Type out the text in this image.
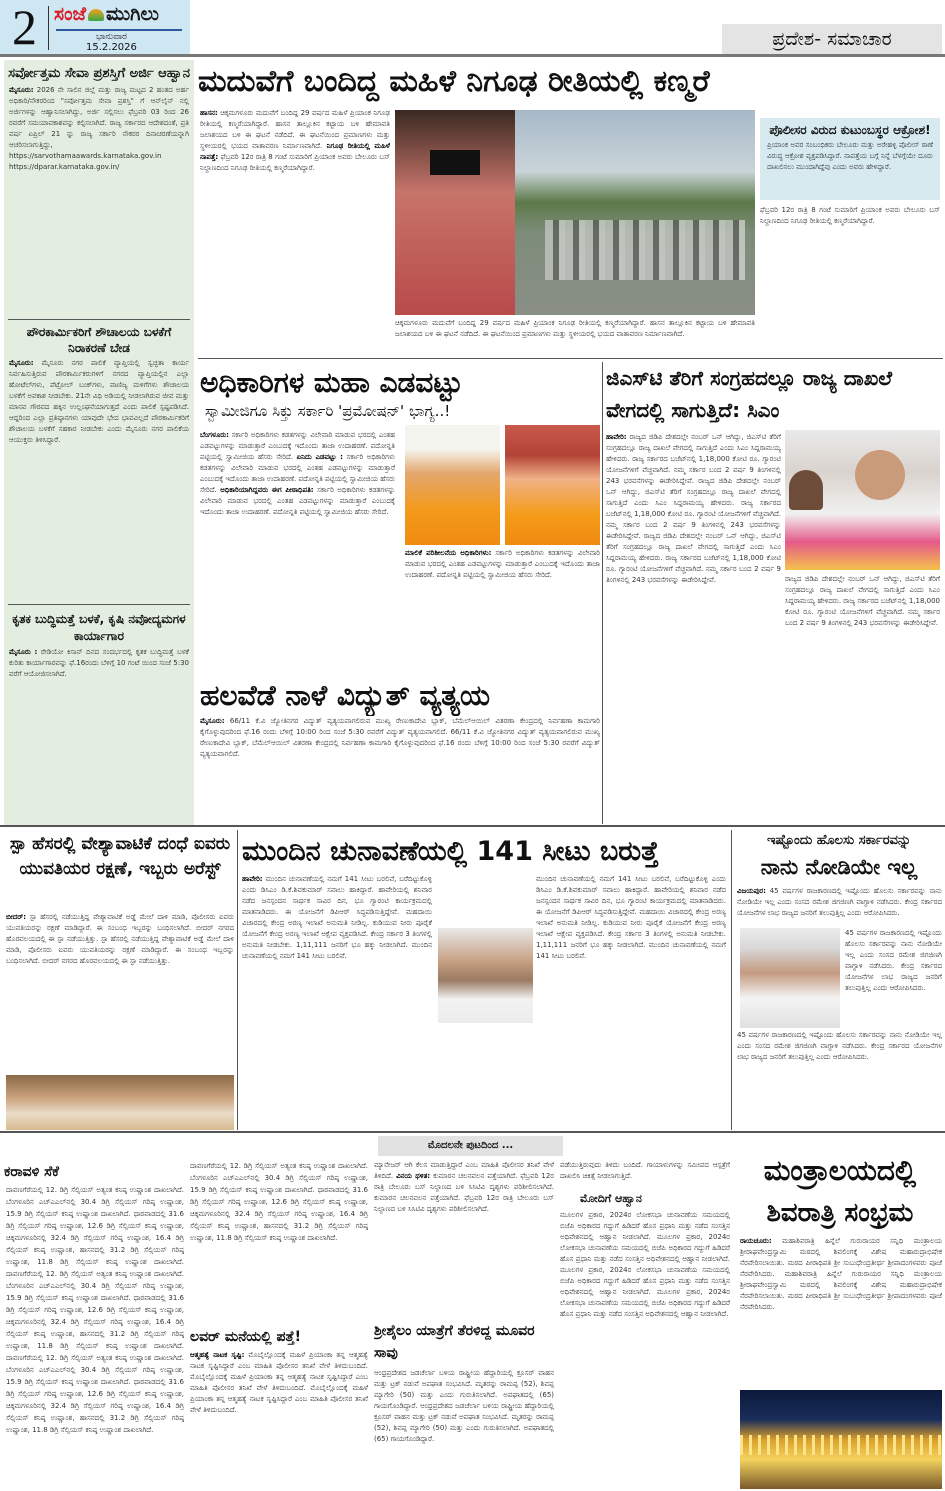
2 ಸಂಜೆ ಮುಗಿಲು
ಭಾನುವಾರ
15.2.2026	ಪ್ರದೇಶ- ಸಮಾಚಾರ
ಸರ್ವೋತ್ತಮ ಸೇವಾ ಪ್ರಶಸ್ತಿಗೆ ಅರ್ಜಿ ಆಹ್ವಾನ
ಮೈಸೂರು: 2026 ನೇ ಸಾಲಿನ ಜಿಲ್ಲೆ ಮತ್ತು ರಾಜ್ಯ ಮಟ್ಟದ 2 ಹಂತದ ಅರ್ಹ ಅಧಿಕಾರಿ/ನೌಕರರಿಂದ "ಸರ್ವೋತ್ತಮ ಸೇವಾ ಪ್ರಶಸ್ತಿ" ಗೆ ಆನ್‌ಲೈನ್ ನಲ್ಲಿ ಅರ್ಜಿಗಳನ್ನು ಆಹ್ವಾನಿಸಲಾಗಿದ್ದು, ಅರ್ಜಿ ಸಲ್ಲಿಸಲು ಫೆಬ್ರವರಿ 03 ರಿಂದ 26 ರವರೆಗೆ ಸಮಯಾವಕಾಶವನ್ನು ಕಲ್ಪಿಸಲಾಗಿದೆ. ರಾಜ್ಯ ಸರ್ಕಾರದ ಆದೇಶದಂತೆ, ಪ್ರತಿ ವರ್ಷ ಏಪ್ರಿಲ್ 21 ನ್ನು ರಾಜ್ಯ ಸರ್ಕಾರಿ ನೌಕರರ ದಿನಾಚರಣೆಯನ್ನಾಗಿ ಆಚರಿಸಲಾಗುತ್ತಿದ್ದು, https://sarvothamaawards.karnataka.gov.in https://dparar.karnataka.gov.in/
ಪೌರಕಾರ್ಮಿಕರಿಗೆ ಶೌಚಾಲಯ ಬಳಕೆಗೆ ನಿರಾಕರಣೆ ಬೇಡ
ಮೈಸೂರು: ಮೈಸೂರು ನಗರ ಪಾಲಿಕೆ ವ್ಯಾಪ್ತಿಯಲ್ಲಿ ಸ್ವಚ್ಛತಾ ಕಾರ್ಯ ನಿರ್ವಹಿಸುತ್ತಿರುವ ಪೌರಕಾರ್ಮಿಕರುಗಳಿಗೆ ನಗರದ ವ್ಯಾಪ್ತಿಯಲ್ಲಿನ ಎಲ್ಲಾ ಹೋಟೆಲ್‌ಗಳು, ಪೆಟ್ರೋಲ್ ಬಂಕ್‌ಗಳು, ವಾಣಿಜ್ಯ ಮಳಿಗೆಗಳು ಶೌಚಾಲಯ ಬಳಕೆಗೆ ಅವಕಾಶ ನೀಡಬೇಕು. 21ನೇ ವಿಧಿ ಅಡಿಯಲ್ಲಿ ನೀಡಲಾಗಿರುವ ಜೀವ ಮತ್ತು ಮಾನವ ಗೌರವದ ಹಕ್ಕಿನ ಉಲ್ಲಂಘನೆಯಾಗುತ್ತದೆ ಎಂದು ಪಾಲಿಕೆ ಸ್ಪಷ್ಟಪಡಿಸಿದೆ. ಆದ್ದರಿಂದ ಎಲ್ಲಾ ಪ್ರತಿಷ್ಠಾನಗಳು ಯಾವುದೇ ಭೇದ ಭಾವವಿಲ್ಲದೆ ಪೌರಕಾರ್ಮಿಕರಿಗೆ ಶೌಚಾಲಯ ಬಳಕೆಗೆ ಸಹಕಾರ ನೀಡಬೇಕು ಎಂದು ಮೈಸೂರು ನಗರ ಪಾಲಿಕೆಯ ಆಯುಕ್ತರು ತಿಳಿಸಿದ್ದಾರೆ.
ಕೃತಕ ಬುದ್ಧಿಮತ್ತೆ ಬಳಕೆ, ಕೃಷಿ ನವೋದ್ಯಮಗಳ ಕಾರ್ಯಾಗಾರ
ಮೈಸೂರು : ರೇಡಿಯೋ ಕಿಸಾನ್ ದಿನದ ಸಂದರ್ಭದಲ್ಲಿ ಕೃತಕ ಬುದ್ಧಿಮತ್ತೆ ಬಳಕೆ ಕುರಿತು ಕಾರ್ಯಾಗಾರವನ್ನು ಫೆ.16ರಂದು ಬೆಳಿಗ್ಗೆ 10 ಗಂಟೆ ಯಿಂದ ಸಂಜೆ 5:30 ವರೆಗೆ ಆಯೋಜಿಸಲಾಗಿದೆ.
ಮದುವೆಗೆ ಬಂದಿದ್ದ ಮಹಿಳೆ ನಿಗೂಢ ರೀತಿಯಲ್ಲಿ ಕಣ್ಮರೆ
ಹಾಸನ: ಚಿಕ್ಕಮಗಳೂರು ಮದುವೆಗೆ ಬಂದಿದ್ದ 29 ವರ್ಷದ ಮಹಿಳೆ ಪ್ರಿಯಾಂಕ ನಿಗೂಢ ರೀತಿಯಲ್ಲಿ ಕಣ್ಮರೆಯಾಗಿದ್ದಾರೆ. ಹಾಸನ ತಾಲ್ಲೂಕಿನ ಕಟ್ಟಾಯ ಬಳಿ ಹೇಮಾವತಿ ಜಲಾಶಯದ ಬಳಿ ಈ ಘಟನೆ ನಡೆದಿದೆ. ಈ ಘಟನೆಯಿಂದ ಪ್ರಮಾಣಗಳು ಮತ್ತು ಸ್ಥಳೀಯರಲ್ಲಿ ಭಯದ ವಾತಾವರಣ ನಿರ್ಮಾಣವಾಗಿದೆ. ನಿಗೂಢ ರೀತಿಯಲ್ಲಿ ಮಹಿಳೆ ನಾಪತ್ತೆ: ಫೆಬ್ರವರಿ 12ರ ರಾತ್ರಿ 8 ಗಂಟೆ ಸುಮಾರಿಗೆ ಪ್ರಿಯಾಂಕ ಅವರು ಬೇಲೂರು ಬಸ್ ನಿಲ್ದಾಣದಿಂದ ನಿಗೂಢ ರೀತಿಯಲ್ಲಿ ಕಣ್ಮರೆಯಾಗಿದ್ದಾರೆ.
ಚಿಕ್ಕಮಗಳೂರು ಮದುವೆಗೆ ಬಂದಿದ್ದ 29 ವರ್ಷದ ಮಹಿಳೆ ಪ್ರಿಯಾಂಕ ನಿಗೂಢ ರೀತಿಯಲ್ಲಿ ಕಣ್ಮರೆಯಾಗಿದ್ದಾರೆ. ಹಾಸನ ತಾಲ್ಲೂಕಿನ ಕಟ್ಟಾಯ ಬಳಿ ಹೇಮಾವತಿ ಜಲಾಶಯದ ಬಳಿ ಈ ಘಟನೆ ನಡೆದಿದೆ. ಈ ಘಟನೆಯಿಂದ ಪ್ರಮಾಣಗಳು ಮತ್ತು ಸ್ಥಳೀಯರಲ್ಲಿ ಭಯದ ವಾತಾವರಣ ನಿರ್ಮಾಣವಾಗಿದೆ.
ಪೊಲೀಸರ ವಿರುದ ಕುಟುಂಬಸ್ಥರ ಆಕ್ರೋಶ!
ಪ್ರಿಯಾಂಕ ಅವರ ಸಂಬಂಧಿಕರು ಬೇಲೂರು ಮತ್ತು ಅರೇಹಳ್ಳಿ ಪೊಲೀಸ್ ಠಾಣೆ ವಿರುದ್ಧ ಆಕ್ರೋಶ ವ್ಯಕ್ತಪಡಿಸಿದ್ದಾರೆ. ನಾಪತ್ತೆಯ ಬಗ್ಗೆ ನಿನ್ನೆ ಬೆಳಗ್ಗೆಯೇ ದೂರು ದಾಖಲಿಸಲು ಮುಂದಾಗಿದ್ದೆವು ಎಂದು ಅವರು ಹೇಳಿದ್ದಾರೆ.
ಫೆಬ್ರವರಿ 12ರ ರಾತ್ರಿ 8 ಗಂಟೆ ಸುಮಾರಿಗೆ ಪ್ರಿಯಾಂಕ ಅವರು ಬೇಲೂರು ಬಸ್ ನಿಲ್ದಾಣದಿಂದ ನಿಗೂಢ ರೀತಿಯಲ್ಲಿ ಕಣ್ಮರೆಯಾಗಿದ್ದಾರೆ.
ಅಧಿಕಾರಿಗಳ ಮಹಾ ಎಡವಟ್ಟು
ಸ್ವಾಮೀಜಿಗೂ ಸಿಕ್ತು ಸರ್ಕಾರಿ 'ಪ್ರಮೋಷನ್' ಭಾಗ್ಯ..!
ಬೆಂಗಳೂರು: ಸರ್ಕಾರಿ ಅಧಿಕಾರಿಗಳು ಕಡತಗಳನ್ನು ವಿಲೇವಾರಿ ಮಾಡುವ ಭರದಲ್ಲಿ ಎಂತಹ ಎಡವಟ್ಟುಗಳನ್ನು ಮಾಡುತ್ತಾರೆ ಎಂಬುದಕ್ಕೆ ಇದೊಂದು ತಾಜಾ ಉದಾಹರಣೆ. ಪದೋನ್ನತಿ ಪಟ್ಟಿಯಲ್ಲಿ ಸ್ವಾಮೀಜಿಯ ಹೆಸರು ಸೇರಿದೆ. ಏನಿದು ಎಡವಟ್ಟು : ಸರ್ಕಾರಿ ಅಧಿಕಾರಿಗಳು ಕಡತಗಳನ್ನು ವಿಲೇವಾರಿ ಮಾಡುವ ಭರದಲ್ಲಿ ಎಂತಹ ಎಡವಟ್ಟುಗಳನ್ನು ಮಾಡುತ್ತಾರೆ ಎಂಬುದಕ್ಕೆ ಇದೊಂದು ತಾಜಾ ಉದಾಹರಣೆ. ಪದೋನ್ನತಿ ಪಟ್ಟಿಯಲ್ಲಿ ಸ್ವಾಮೀಜಿಯ ಹೆಸರು ಸೇರಿದೆ. ಅಧಿಕಾರಿಯಾಗಿದ್ದವರು ಈಗ ಪೀಠಾಧಿಪತಿ: ಸರ್ಕಾರಿ ಅಧಿಕಾರಿಗಳು ಕಡತಗಳನ್ನು ವಿಲೇವಾರಿ ಮಾಡುವ ಭರದಲ್ಲಿ ಎಂತಹ ಎಡವಟ್ಟುಗಳನ್ನು ಮಾಡುತ್ತಾರೆ ಎಂಬುದಕ್ಕೆ ಇದೊಂದು ತಾಜಾ ಉದಾಹರಣೆ. ಪದೋನ್ನತಿ ಪಟ್ಟಿಯಲ್ಲಿ ಸ್ವಾಮೀಜಿಯ ಹೆಸರು ಸೇರಿದೆ.
ಮಾಲಿಕೆ ಪರಿಶೀಲನೆಯ ಅಧಿಕಾರಿಗಳು: ಸರ್ಕಾರಿ ಅಧಿಕಾರಿಗಳು ಕಡತಗಳನ್ನು ವಿಲೇವಾರಿ ಮಾಡುವ ಭರದಲ್ಲಿ ಎಂತಹ ಎಡವಟ್ಟುಗಳನ್ನು ಮಾಡುತ್ತಾರೆ ಎಂಬುದಕ್ಕೆ ಇದೊಂದು ತಾಜಾ ಉದಾಹರಣೆ. ಪದೋನ್ನತಿ ಪಟ್ಟಿಯಲ್ಲಿ ಸ್ವಾಮೀಜಿಯ ಹೆಸರು ಸೇರಿದೆ.
ಹಲವೆಡೆ ನಾಳೆ ವಿದ್ಯುತ್ ವ್ಯತ್ಯಯ
ಮೈಸೂರು: 66/11 ಕೆ.ವಿ ಜ್ಯೋತಿನಗರ ವಿದ್ಯುತ್ ವ್ಯತ್ಯಯವಾಗಲಿರುವ ಮುಖ್ಯ ರೇಣುಕಾದೇವಿ ಬ್ಲಾಕ್, ಬೆಮೆಲ್‌ಆಯಿಲ್ ವಿತರಣಾ ಕೇಂದ್ರದಲ್ಲಿ ನಿರ್ವಹಣಾ ಕಾಮಗಾರಿ ಕೈಗೊಳ್ಳುವುದರಿಂದ ಫೆ.16 ರಂದು ಬೆಳಿಗ್ಗೆ 10:00 ರಿಂದ ಸಂಜೆ 5:30 ರವರೆಗೆ ವಿದ್ಯುತ್ ವ್ಯತ್ಯಯವಾಗಲಿದೆ. 66/11 ಕೆ.ವಿ ಜ್ಯೋತಿನಗರ ವಿದ್ಯುತ್ ವ್ಯತ್ಯಯವಾಗಲಿರುವ ಮುಖ್ಯ ರೇಣುಕಾದೇವಿ ಬ್ಲಾಕ್, ಬೆಮೆಲ್‌ಆಯಿಲ್ ವಿತರಣಾ ಕೇಂದ್ರದಲ್ಲಿ ನಿರ್ವಹಣಾ ಕಾಮಗಾರಿ ಕೈಗೊಳ್ಳುವುದರಿಂದ ಫೆ.16 ರಂದು ಬೆಳಿಗ್ಗೆ 10:00 ರಿಂದ ಸಂಜೆ 5:30 ರವರೆಗೆ ವಿದ್ಯುತ್ ವ್ಯತ್ಯಯವಾಗಲಿದೆ.
ಜಿಎಸ್‌ಟಿ ತೆರಿಗೆ ಸಂಗ್ರಹದಲ್ಲೂ ರಾಜ್ಯ ದಾಖಲೆ ವೇಗದಲ್ಲಿ ಸಾಗುತ್ತಿದೆ: ಸಿಎಂ
ಹಾವೇರಿ: ರಾಜ್ಯದ ಜಿಡಿಪಿ ದೇಶದಲ್ಲೇ ನಂಬರ್ ಒನ್ ಆಗಿದ್ದು, ಜಿಎಸ್‌ಟಿ ತೆರಿಗೆ ಸಂಗ್ರಹದಲ್ಲೂ ರಾಜ್ಯ ದಾಖಲೆ ವೇಗದಲ್ಲಿ ಸಾಗುತ್ತಿದೆ ಎಂದು ಸಿಎಂ ಸಿದ್ದರಾಮಯ್ಯ ಹೇಳಿದರು. ರಾಜ್ಯ ಸರ್ಕಾರದ ಬಜೆಟ್‌ನಲ್ಲಿ 1,18,000 ಕೋಟಿ ರೂ. ಗ್ಯಾರಂಟಿ ಯೋಜನೆಗಳಿಗೆ ವೆಚ್ಚವಾಗಿದೆ. ನಮ್ಮ ಸರ್ಕಾರ ಬಂದ 2 ವರ್ಷ 9 ತಿಂಗಳಿನಲ್ಲಿ 243 ಭರವಸೆಗಳನ್ನು ಈಡೇರಿಸಿದ್ದೇವೆ. ರಾಜ್ಯದ ಜಿಡಿಪಿ ದೇಶದಲ್ಲೇ ನಂಬರ್ ಒನ್ ಆಗಿದ್ದು, ಜಿಎಸ್‌ಟಿ ತೆರಿಗೆ ಸಂಗ್ರಹದಲ್ಲೂ ರಾಜ್ಯ ದಾಖಲೆ ವೇಗದಲ್ಲಿ ಸಾಗುತ್ತಿದೆ ಎಂದು ಸಿಎಂ ಸಿದ್ದರಾಮಯ್ಯ ಹೇಳಿದರು. ರಾಜ್ಯ ಸರ್ಕಾರದ ಬಜೆಟ್‌ನಲ್ಲಿ 1,18,000 ಕೋಟಿ ರೂ. ಗ್ಯಾರಂಟಿ ಯೋಜನೆಗಳಿಗೆ ವೆಚ್ಚವಾಗಿದೆ. ನಮ್ಮ ಸರ್ಕಾರ ಬಂದ 2 ವರ್ಷ 9 ತಿಂಗಳಿನಲ್ಲಿ 243 ಭರವಸೆಗಳನ್ನು ಈಡೇರಿಸಿದ್ದೇವೆ. ರಾಜ್ಯದ ಜಿಡಿಪಿ ದೇಶದಲ್ಲೇ ನಂಬರ್ ಒನ್ ಆಗಿದ್ದು, ಜಿಎಸ್‌ಟಿ ತೆರಿಗೆ ಸಂಗ್ರಹದಲ್ಲೂ ರಾಜ್ಯ ದಾಖಲೆ ವೇಗದಲ್ಲಿ ಸಾಗುತ್ತಿದೆ ಎಂದು ಸಿಎಂ ಸಿದ್ದರಾಮಯ್ಯ ಹೇಳಿದರು. ರಾಜ್ಯ ಸರ್ಕಾರದ ಬಜೆಟ್‌ನಲ್ಲಿ 1,18,000 ಕೋಟಿ ರೂ. ಗ್ಯಾರಂಟಿ ಯೋಜನೆಗಳಿಗೆ ವೆಚ್ಚವಾಗಿದೆ. ನಮ್ಮ ಸರ್ಕಾರ ಬಂದ 2 ವರ್ಷ 9 ತಿಂಗಳಿನಲ್ಲಿ 243 ಭರವಸೆಗಳನ್ನು ಈಡೇರಿಸಿದ್ದೇವೆ.	ರಾಜ್ಯದ ಜಿಡಿಪಿ ದೇಶದಲ್ಲೇ ನಂಬರ್ ಒನ್ ಆಗಿದ್ದು, ಜಿಎಸ್‌ಟಿ ತೆರಿಗೆ ಸಂಗ್ರಹದಲ್ಲೂ ರಾಜ್ಯ ದಾಖಲೆ ವೇಗದಲ್ಲಿ ಸಾಗುತ್ತಿದೆ ಎಂದು ಸಿಎಂ ಸಿದ್ದರಾಮಯ್ಯ ಹೇಳಿದರು. ರಾಜ್ಯ ಸರ್ಕಾರದ ಬಜೆಟ್‌ನಲ್ಲಿ 1,18,000 ಕೋಟಿ ರೂ. ಗ್ಯಾರಂಟಿ ಯೋಜನೆಗಳಿಗೆ ವೆಚ್ಚವಾಗಿದೆ. ನಮ್ಮ ಸರ್ಕಾರ ಬಂದ 2 ವರ್ಷ 9 ತಿಂಗಳಿನಲ್ಲಿ 243 ಭರವಸೆಗಳನ್ನು ಈಡೇರಿಸಿದ್ದೇವೆ.
ಸ್ಪಾ ಹೆಸರಲ್ಲಿ ವೇಶ್ಯಾವಾಟಿಕೆ ದಂಧೆ ಐವರು ಯುವತಿಯರ ರಕ್ಷಣೆ, ಇಬ್ಬರು ಅರೆಸ್ಟ್
ಬೀದರ್: ಸ್ಪಾ ಹೆಸರಲ್ಲಿ ನಡೆಯುತ್ತಿದ್ದ ವೇಶ್ಯಾವಾಟಿಕೆ ಅಡ್ಡೆ ಮೇಲೆ ದಾಳಿ ಮಾಡಿ, ಪೊಲೀಸರು ಐವರು ಯುವತಿಯರನ್ನು ರಕ್ಷಣೆ ಮಾಡಿದ್ದಾರೆ. ಈ ಸಂಬಂಧ ಇಬ್ಬರನ್ನು ಬಂಧಿಸಲಾಗಿದೆ. ಬೀದರ್ ನಗರದ ಹೊರವಲಯದಲ್ಲಿ ಈ ಸ್ಪಾ ನಡೆಯುತ್ತಿತ್ತು. ಸ್ಪಾ ಹೆಸರಲ್ಲಿ ನಡೆಯುತ್ತಿದ್ದ ವೇಶ್ಯಾವಾಟಿಕೆ ಅಡ್ಡೆ ಮೇಲೆ ದಾಳಿ ಮಾಡಿ, ಪೊಲೀಸರು ಐವರು ಯುವತಿಯರನ್ನು ರಕ್ಷಣೆ ಮಾಡಿದ್ದಾರೆ. ಈ ಸಂಬಂಧ ಇಬ್ಬರನ್ನು ಬಂಧಿಸಲಾಗಿದೆ. ಬೀದರ್ ನಗರದ ಹೊರವಲಯದಲ್ಲಿ ಈ ಸ್ಪಾ ನಡೆಯುತ್ತಿತ್ತು.
ಮುಂದಿನ ಚುನಾವಣೆಯಲ್ಲಿ 141 ಸೀಟು ಬರುತ್ತೆ
ಹಾವೇರಿ: ಮುಂದಿನ ಚುನಾವಣೆಯಲ್ಲಿ ನಮಗೆ 141 ಸೀಟು ಬರಲಿವೆ, ಬರೆದಿಟ್ಟುಕೊಳ್ಳಿ ಎಂದು ಡಿಸಿಎಂ ಡಿ.ಕೆ.ಶಿವಕುಮಾರ್ ಸವಾಲು ಹಾಕಿದ್ದಾರೆ. ಹಾವೇರಿಯಲ್ಲಿ ಶನಿವಾರ ನಡೆದ ಜನಸ್ಪಂದನ ಸಾರ್ಥಕ ಸಾವಿರ ದಿನ, ಭೂ ಗ್ಯಾರಂಟಿ ಕಾರ್ಯಕ್ರಮದಲ್ಲಿ ಮಾತನಾಡಿದರು. ಈ ಯೋಜನೆಗೆ ಡಿಪಿಆರ್ ಸಿದ್ಧಪಡಿಸುತ್ತಿದ್ದೇವೆ. ಮಹದಾಯಿ ವಿಚಾರದಲ್ಲಿ ಕೇಂದ್ರ ಅರಣ್ಯ ಇಲಾಖೆ ಅನುಮತಿ ನೀಡಿಲ್ಲ. ಕುಡಿಯುವ ನೀರು ಪೂರೈಕೆ ಯೋಜನೆಗೆ ಕೇಂದ್ರ ಅರಣ್ಯ ಇಲಾಖೆ ಆಕ್ಷೇಪ ವ್ಯಕ್ತಪಡಿಸಿದೆ. ಕೇಂದ್ರ ಸರ್ಕಾರ 3 ತಿಂಗಳಲ್ಲಿ ಅನುಮತಿ ನೀಡಬೇಕು. 1,11,111 ಜನರಿಗೆ ಭೂ ಹಕ್ಕು ನೀಡಲಾಗಿದೆ. ಮುಂದಿನ ಚುನಾವಣೆಯಲ್ಲಿ ನಮಗೆ 141 ಸೀಟು ಬರಲಿವೆ.
ಮುಂದಿನ ಚುನಾವಣೆಯಲ್ಲಿ ನಮಗೆ 141 ಸೀಟು ಬರಲಿವೆ, ಬರೆದಿಟ್ಟುಕೊಳ್ಳಿ ಎಂದು ಡಿಸಿಎಂ ಡಿ.ಕೆ.ಶಿವಕುಮಾರ್ ಸವಾಲು ಹಾಕಿದ್ದಾರೆ. ಹಾವೇರಿಯಲ್ಲಿ ಶನಿವಾರ ನಡೆದ ಜನಸ್ಪಂದನ ಸಾರ್ಥಕ ಸಾವಿರ ದಿನ, ಭೂ ಗ್ಯಾರಂಟಿ ಕಾರ್ಯಕ್ರಮದಲ್ಲಿ ಮಾತನಾಡಿದರು. ಈ ಯೋಜನೆಗೆ ಡಿಪಿಆರ್ ಸಿದ್ಧಪಡಿಸುತ್ತಿದ್ದೇವೆ. ಮಹದಾಯಿ ವಿಚಾರದಲ್ಲಿ ಕೇಂದ್ರ ಅರಣ್ಯ ಇಲಾಖೆ ಅನುಮತಿ ನೀಡಿಲ್ಲ. ಕುಡಿಯುವ ನೀರು ಪೂರೈಕೆ ಯೋಜನೆಗೆ ಕೇಂದ್ರ ಅರಣ್ಯ ಇಲಾಖೆ ಆಕ್ಷೇಪ ವ್ಯಕ್ತಪಡಿಸಿದೆ. ಕೇಂದ್ರ ಸರ್ಕಾರ 3 ತಿಂಗಳಲ್ಲಿ ಅನುಮತಿ ನೀಡಬೇಕು. 1,11,111 ಜನರಿಗೆ ಭೂ ಹಕ್ಕು ನೀಡಲಾಗಿದೆ. ಮುಂದಿನ ಚುನಾವಣೆಯಲ್ಲಿ ನಮಗೆ 141 ಸೀಟು ಬರಲಿವೆ.
ಇಷ್ಟೊಂದು ಹೊಲಸು ಸರ್ಕಾರವನ್ನು
ನಾನು ನೋಡಿಯೇ ಇಲ್ಲ
ವಿಜಯಪುರ: 45 ವರ್ಷಗಳ ರಾಜಕಾರಣದಲ್ಲಿ ಇಷ್ಟೊಂದು ಹೊಲಸು ಸರ್ಕಾರವನ್ನು ನಾನು ನೋಡಿಯೇ ಇಲ್ಲ ಎಂದು ಸಂಸದ ರಮೇಶ ಜಿಗಜಿಣಗಿ ವಾಗ್ದಾಳಿ ನಡೆಸಿದರು. ಕೇಂದ್ರ ಸರ್ಕಾರದ ಯೋಜನೆಗಳ ಲಾಭ ರಾಜ್ಯದ ಜನರಿಗೆ ತಲುಪುತ್ತಿಲ್ಲ ಎಂದು ಆರೋಪಿಸಿದರು.
45 ವರ್ಷಗಳ ರಾಜಕಾರಣದಲ್ಲಿ ಇಷ್ಟೊಂದು ಹೊಲಸು ಸರ್ಕಾರವನ್ನು ನಾನು ನೋಡಿಯೇ ಇಲ್ಲ ಎಂದು ಸಂಸದ ರಮೇಶ ಜಿಗಜಿಣಗಿ ವಾಗ್ದಾಳಿ ನಡೆಸಿದರು. ಕೇಂದ್ರ ಸರ್ಕಾರದ ಯೋಜನೆಗಳ ಲಾಭ ರಾಜ್ಯದ ಜನರಿಗೆ ತಲುಪುತ್ತಿಲ್ಲ ಎಂದು ಆರೋಪಿಸಿದರು.
45 ವರ್ಷಗಳ ರಾಜಕಾರಣದಲ್ಲಿ ಇಷ್ಟೊಂದು ಹೊಲಸು ಸರ್ಕಾರವನ್ನು ನಾನು ನೋಡಿಯೇ ಇಲ್ಲ ಎಂದು ಸಂಸದ ರಮೇಶ ಜಿಗಜಿಣಗಿ ವಾಗ್ದಾಳಿ ನಡೆಸಿದರು. ಕೇಂದ್ರ ಸರ್ಕಾರದ ಯೋಜನೆಗಳ ಲಾಭ ರಾಜ್ಯದ ಜನರಿಗೆ ತಲುಪುತ್ತಿಲ್ಲ ಎಂದು ಆರೋಪಿಸಿದರು.
ಮೊದಲನೇ ಪುಟದಿಂದ ...
ಕರಾವಳಿ ಸೆಕೆ
ದಾವಣಗೆರೆಯಲ್ಲಿ 12. ಡಿಗ್ರಿ ಸೆಲ್ಸಿಯಸ್ ಅತ್ಯಂತ ಕನಿಷ್ಠ ಉಷ್ಣಾಂಶ ದಾಖಲಾಗಿದೆ. ಬೆಂಗಳೂರಿನ ಎಚ್‌ಎಎಲ್‌ನಲ್ಲಿ 30.4 ಡಿಗ್ರಿ ಸೆಲ್ಸಿಯಸ್ ಗರಿಷ್ಠ ಉಷ್ಣಾಂಶ, 15.9 ಡಿಗ್ರಿ ಸೆಲ್ಸಿಯಸ್ ಕನಿಷ್ಠ ಉಷ್ಣಾಂಶ ದಾಖಲಾಗಿದೆ. ಧಾರವಾಡದಲ್ಲಿ 31.6 ಡಿಗ್ರಿ ಸೆಲ್ಸಿಯಸ್ ಗರಿಷ್ಠ ಉಷ್ಣಾಂಶ, 12.6 ಡಿಗ್ರಿ ಸೆಲ್ಸಿಯಸ್ ಕನಿಷ್ಠ ಉಷ್ಣಾಂಶ, ಚಿಕ್ಕಮಗಳೂರಿನಲ್ಲಿ 32.4 ಡಿಗ್ರಿ ಸೆಲ್ಸಿಯಸ್ ಗರಿಷ್ಠ ಉಷ್ಣಾಂಶ, 16.4 ಡಿಗ್ರಿ ಸೆಲ್ಸಿಯಸ್ ಕನಿಷ್ಠ ಉಷ್ಣಾಂಶ, ಹಾಸನದಲ್ಲಿ 31.2 ಡಿಗ್ರಿ ಸೆಲ್ಸಿಯಸ್ ಗರಿಷ್ಠ ಉಷ್ಣಾಂಶ, 11.8 ಡಿಗ್ರಿ ಸೆಲ್ಸಿಯಸ್ ಕನಿಷ್ಠ ಉಷ್ಣಾಂಶ ದಾಖಲಾಗಿದೆ. ದಾವಣಗೆರೆಯಲ್ಲಿ 12. ಡಿಗ್ರಿ ಸೆಲ್ಸಿಯಸ್ ಅತ್ಯಂತ ಕನಿಷ್ಠ ಉಷ್ಣಾಂಶ ದಾಖಲಾಗಿದೆ. ಬೆಂಗಳೂರಿನ ಎಚ್‌ಎಎಲ್‌ನಲ್ಲಿ 30.4 ಡಿಗ್ರಿ ಸೆಲ್ಸಿಯಸ್ ಗರಿಷ್ಠ ಉಷ್ಣಾಂಶ, 15.9 ಡಿಗ್ರಿ ಸೆಲ್ಸಿಯಸ್ ಕನಿಷ್ಠ ಉಷ್ಣಾಂಶ ದಾಖಲಾಗಿದೆ. ಧಾರವಾಡದಲ್ಲಿ 31.6 ಡಿಗ್ರಿ ಸೆಲ್ಸಿಯಸ್ ಗರಿಷ್ಠ ಉಷ್ಣಾಂಶ, 12.6 ಡಿಗ್ರಿ ಸೆಲ್ಸಿಯಸ್ ಕನಿಷ್ಠ ಉಷ್ಣಾಂಶ, ಚಿಕ್ಕಮಗಳೂರಿನಲ್ಲಿ 32.4 ಡಿಗ್ರಿ ಸೆಲ್ಸಿಯಸ್ ಗರಿಷ್ಠ ಉಷ್ಣಾಂಶ, 16.4 ಡಿಗ್ರಿ ಸೆಲ್ಸಿಯಸ್ ಕನಿಷ್ಠ ಉಷ್ಣಾಂಶ, ಹಾಸನದಲ್ಲಿ 31.2 ಡಿಗ್ರಿ ಸೆಲ್ಸಿಯಸ್ ಗರಿಷ್ಠ ಉಷ್ಣಾಂಶ, 11.8 ಡಿಗ್ರಿ ಸೆಲ್ಸಿಯಸ್ ಕನಿಷ್ಠ ಉಷ್ಣಾಂಶ ದಾಖಲಾಗಿದೆ. ದಾವಣಗೆರೆಯಲ್ಲಿ 12. ಡಿಗ್ರಿ ಸೆಲ್ಸಿಯಸ್ ಅತ್ಯಂತ ಕನಿಷ್ಠ ಉಷ್ಣಾಂಶ ದಾಖಲಾಗಿದೆ. ಬೆಂಗಳೂರಿನ ಎಚ್‌ಎಎಲ್‌ನಲ್ಲಿ 30.4 ಡಿಗ್ರಿ ಸೆಲ್ಸಿಯಸ್ ಗರಿಷ್ಠ ಉಷ್ಣಾಂಶ, 15.9 ಡಿಗ್ರಿ ಸೆಲ್ಸಿಯಸ್ ಕನಿಷ್ಠ ಉಷ್ಣಾಂಶ ದಾಖಲಾಗಿದೆ. ಧಾರವಾಡದಲ್ಲಿ 31.6 ಡಿಗ್ರಿ ಸೆಲ್ಸಿಯಸ್ ಗರಿಷ್ಠ ಉಷ್ಣಾಂಶ, 12.6 ಡಿಗ್ರಿ ಸೆಲ್ಸಿಯಸ್ ಕನಿಷ್ಠ ಉಷ್ಣಾಂಶ, ಚಿಕ್ಕಮಗಳೂರಿನಲ್ಲಿ 32.4 ಡಿಗ್ರಿ ಸೆಲ್ಸಿಯಸ್ ಗರಿಷ್ಠ ಉಷ್ಣಾಂಶ, 16.4 ಡಿಗ್ರಿ ಸೆಲ್ಸಿಯಸ್ ಕನಿಷ್ಠ ಉಷ್ಣಾಂಶ, ಹಾಸನದಲ್ಲಿ 31.2 ಡಿಗ್ರಿ ಸೆಲ್ಸಿಯಸ್ ಗರಿಷ್ಠ ಉಷ್ಣಾಂಶ, 11.8 ಡಿಗ್ರಿ ಸೆಲ್ಸಿಯಸ್ ಕನಿಷ್ಠ ಉಷ್ಣಾಂಶ ದಾಖಲಾಗಿದೆ.
ದಾವಣಗೆರೆಯಲ್ಲಿ 12. ಡಿಗ್ರಿ ಸೆಲ್ಸಿಯಸ್ ಅತ್ಯಂತ ಕನಿಷ್ಠ ಉಷ್ಣಾಂಶ ದಾಖಲಾಗಿದೆ. ಬೆಂಗಳೂರಿನ ಎಚ್‌ಎಎಲ್‌ನಲ್ಲಿ 30.4 ಡಿಗ್ರಿ ಸೆಲ್ಸಿಯಸ್ ಗರಿಷ್ಠ ಉಷ್ಣಾಂಶ, 15.9 ಡಿಗ್ರಿ ಸೆಲ್ಸಿಯಸ್ ಕನಿಷ್ಠ ಉಷ್ಣಾಂಶ ದಾಖಲಾಗಿದೆ. ಧಾರವಾಡದಲ್ಲಿ 31.6 ಡಿಗ್ರಿ ಸೆಲ್ಸಿಯಸ್ ಗರಿಷ್ಠ ಉಷ್ಣಾಂಶ, 12.6 ಡಿಗ್ರಿ ಸೆಲ್ಸಿಯಸ್ ಕನಿಷ್ಠ ಉಷ್ಣಾಂಶ, ಚಿಕ್ಕಮಗಳೂರಿನಲ್ಲಿ 32.4 ಡಿಗ್ರಿ ಸೆಲ್ಸಿಯಸ್ ಗರಿಷ್ಠ ಉಷ್ಣಾಂಶ, 16.4 ಡಿಗ್ರಿ ಸೆಲ್ಸಿಯಸ್ ಕನಿಷ್ಠ ಉಷ್ಣಾಂಶ, ಹಾಸನದಲ್ಲಿ 31.2 ಡಿಗ್ರಿ ಸೆಲ್ಸಿಯಸ್ ಗರಿಷ್ಠ ಉಷ್ಣಾಂಶ, 11.8 ಡಿಗ್ರಿ ಸೆಲ್ಸಿಯಸ್ ಕನಿಷ್ಠ ಉಷ್ಣಾಂಶ ದಾಖಲಾಗಿದೆ.
ಲವರ್ ಮನೆಯಲ್ಲಿ ಪತ್ತೆ!
ಆತ್ಮಹತ್ಯೆ ನಾಟಕ ಸೃಷ್ಟಿ: ಮೊಬೈಲ್ಲೊಂದಕ್ಕೆ ಮಹಿಳೆ ಪ್ರಿಯಾಂಕಾ ತನ್ನ ಆತ್ಮಹತ್ಯೆ ನಾಟಕ ಸೃಷ್ಟಿಸಿದ್ದಾರೆ ಎಂಬ ಮಾಹಿತಿ ಪೊಲೀಸರ ತನಿಖೆ ವೇಳೆ ತಿಳಿದುಬಂದಿದೆ. ಮೊಬೈಲ್ಲೊಂದಕ್ಕೆ ಮಹಿಳೆ ಪ್ರಿಯಾಂಕಾ ತನ್ನ ಆತ್ಮಹತ್ಯೆ ನಾಟಕ ಸೃಷ್ಟಿಸಿದ್ದಾರೆ ಎಂಬ ಮಾಹಿತಿ ಪೊಲೀಸರ ತನಿಖೆ ವೇಳೆ ತಿಳಿದುಬಂದಿದೆ. ಮೊಬೈಲ್ಲೊಂದಕ್ಕೆ ಮಹಿಳೆ ಪ್ರಿಯಾಂಕಾ ತನ್ನ ಆತ್ಮಹತ್ಯೆ ನಾಟಕ ಸೃಷ್ಟಿಸಿದ್ದಾರೆ ಎಂಬ ಮಾಹಿತಿ ಪೊಲೀಸರ ತನಿಖೆ ವೇಳೆ ತಿಳಿದುಬಂದಿದೆ.
ಮ್ಯಾನೇಜರ್ ಆಗಿ ಕೆಲಸ ಮಾಡುತ್ತಿದ್ದಾರೆ ಎಂಬ ಮಾಹಿತಿ ಪೊಲೀಸರ ತನಿಖೆ ವೇಳೆ ತಿಳಿದಿದೆ. ವಿನಯ ಥಳಿತ: ಕುಮಾರನ ಚಲನವಲನ ಪತ್ತೆಯಾಗಿದೆ. ಫೆಬ್ರವರಿ 12ರ ರಾತ್ರಿ ಬೇಲೂರು ಬಸ್ ನಿಲ್ದಾಣದ ಬಳಿ ಸಿಸಿಟಿವಿ ದೃಶ್ಯಗಳು ಪರಿಶೀಲಿಸಲಾಗಿದೆ. ಕುಮಾರನ ಚಲನವಲನ ಪತ್ತೆಯಾಗಿದೆ. ಫೆಬ್ರವರಿ 12ರ ರಾತ್ರಿ ಬೇಲೂರು ಬಸ್ ನಿಲ್ದಾಣದ ಬಳಿ ಸಿಸಿಟಿವಿ ದೃಶ್ಯಗಳು ಪರಿಶೀಲಿಸಲಾಗಿದೆ.
ಶ್ರೀಶೈಲಂ ಯಾತ್ರೆಗೆ ತೆರಳಿದ್ದ ಮೂವರ ಸಾವು
ಆಂಧ್ರಪ್ರದೇಶದ ಜಡಚೆರ್ಲಾ ಬಳಿಯ ರಾಷ್ಟ್ರೀಯ ಹೆದ್ದಾರಿಯಲ್ಲಿ ಕ್ರೂಸರ್ ವಾಹನ ಮತ್ತು ಟ್ರಕ್ ನಡುವೆ ಅಪಘಾತ ಸಂಭವಿಸಿದೆ. ಮೃತರನ್ನು ರಾಮಪ್ಪ (52), ಶಿವಪ್ಪ ಮ್ಯಾಗೇರಿ (50) ಮತ್ತು ಎಂದು ಗುರುತಿಸಲಾಗಿದೆ. ಅಪಘಾತದಲ್ಲಿ (65) ಗಾಯಗೊಂಡಿದ್ದಾರೆ. ಆಂಧ್ರಪ್ರದೇಶದ ಜಡಚೆರ್ಲಾ ಬಳಿಯ ರಾಷ್ಟ್ರೀಯ ಹೆದ್ದಾರಿಯಲ್ಲಿ ಕ್ರೂಸರ್ ವಾಹನ ಮತ್ತು ಟ್ರಕ್ ನಡುವೆ ಅಪಘಾತ ಸಂಭವಿಸಿದೆ. ಮೃತರನ್ನು ರಾಮಪ್ಪ (52), ಶಿವಪ್ಪ ಮ್ಯಾಗೇರಿ (50) ಮತ್ತು ಎಂದು ಗುರುತಿಸಲಾಗಿದೆ. ಅಪಘಾತದಲ್ಲಿ (65) ಗಾಯಗೊಂಡಿದ್ದಾರೆ.
ಪಡೆಯುತ್ತಿರುವುದು ತಿಳಿದು ಬಂದಿದೆ. ಗಾಯಾಳುಗಳನ್ನು ಸಮೀಪದ ಆಸ್ಪತ್ರೆಗೆ ದಾಖಲಿಸಿ ಚಿಕಿತ್ಸೆ ನೀಡಲಾಗುತ್ತಿದೆ.
ಮೋದಿಗೆ ಆಹ್ವಾನ
ಮೂಲಗಳ ಪ್ರಕಾರ, 2024ರ ಲೋಕಸಭಾ ಚುನಾವಣೆಯ ಸಮಯದಲ್ಲಿ ಬಿಜೆಪಿ ಅಧಿಕಾರದ ಗದ್ದುಗೆ ಹಿಡಿದರೆ ಹೊಸ ಪ್ರಧಾನಿ ಮತ್ತು ನಡೆದ ಸಂಸತ್ತಿನ ಅಧಿವೇಶನದಲ್ಲಿ ಆಹ್ವಾನ ನೀಡಲಾಗಿದೆ. ಮೂಲಗಳ ಪ್ರಕಾರ, 2024ರ ಲೋಕಸಭಾ ಚುನಾವಣೆಯ ಸಮಯದಲ್ಲಿ ಬಿಜೆಪಿ ಅಧಿಕಾರದ ಗದ್ದುಗೆ ಹಿಡಿದರೆ ಹೊಸ ಪ್ರಧಾನಿ ಮತ್ತು ನಡೆದ ಸಂಸತ್ತಿನ ಅಧಿವೇಶನದಲ್ಲಿ ಆಹ್ವಾನ ನೀಡಲಾಗಿದೆ. ಮೂಲಗಳ ಪ್ರಕಾರ, 2024ರ ಲೋಕಸಭಾ ಚುನಾವಣೆಯ ಸಮಯದಲ್ಲಿ ಬಿಜೆಪಿ ಅಧಿಕಾರದ ಗದ್ದುಗೆ ಹಿಡಿದರೆ ಹೊಸ ಪ್ರಧಾನಿ ಮತ್ತು ನಡೆದ ಸಂಸತ್ತಿನ ಅಧಿವೇಶನದಲ್ಲಿ ಆಹ್ವಾನ ನೀಡಲಾಗಿದೆ. ಮೂಲಗಳ ಪ್ರಕಾರ, 2024ರ ಲೋಕಸಭಾ ಚುನಾವಣೆಯ ಸಮಯದಲ್ಲಿ ಬಿಜೆಪಿ ಅಧಿಕಾರದ ಗದ್ದುಗೆ ಹಿಡಿದರೆ ಹೊಸ ಪ್ರಧಾನಿ ಮತ್ತು ನಡೆದ ಸಂಸತ್ತಿನ ಅಧಿವೇಶನದಲ್ಲಿ ಆಹ್ವಾನ ನೀಡಲಾಗಿದೆ.
ಮಂತ್ರಾಲಯದಲ್ಲಿ
ಶಿವರಾತ್ರಿ ಸಂಭ್ರಮ
ರಾಯಚೂರು: ಮಹಾಶಿವರಾತ್ರಿ ಹಿನ್ನೆಲೆ ಗುರುರಾಯರ ಸನ್ನಿಧಿ ಮಂತ್ರಾಲಯ ಶ್ರೀರಾಘವೇಂದ್ರಸ್ವಾಮಿ ಮಠದಲ್ಲಿ ಶಿವಲಿಂಗಕ್ಕೆ ವಿಶೇಷ ಮಹಾರುದ್ರಾಭಿಷೇಕ ನೆರವೇರಿಸಲಾಯಿತು. ಮಠದ ಪೀಠಾಧಿಪತಿ ಶ್ರೀ ಸುಬುಧೇಂದ್ರತೀರ್ಥ ಶ್ರೀಪಾದಂಗಳವರು ಪೂಜೆ ನೆರವೇರಿಸಿದರು. ಮಹಾಶಿವರಾತ್ರಿ ಹಿನ್ನೆಲೆ ಗುರುರಾಯರ ಸನ್ನಿಧಿ ಮಂತ್ರಾಲಯ ಶ್ರೀರಾಘವೇಂದ್ರಸ್ವಾಮಿ ಮಠದಲ್ಲಿ ಶಿವಲಿಂಗಕ್ಕೆ ವಿಶೇಷ ಮಹಾರುದ್ರಾಭಿಷೇಕ ನೆರವೇರಿಸಲಾಯಿತು. ಮಠದ ಪೀಠಾಧಿಪತಿ ಶ್ರೀ ಸುಬುಧೇಂದ್ರತೀರ್ಥ ಶ್ರೀಪಾದಂಗಳವರು ಪೂಜೆ ನೆರವೇರಿಸಿದರು.
